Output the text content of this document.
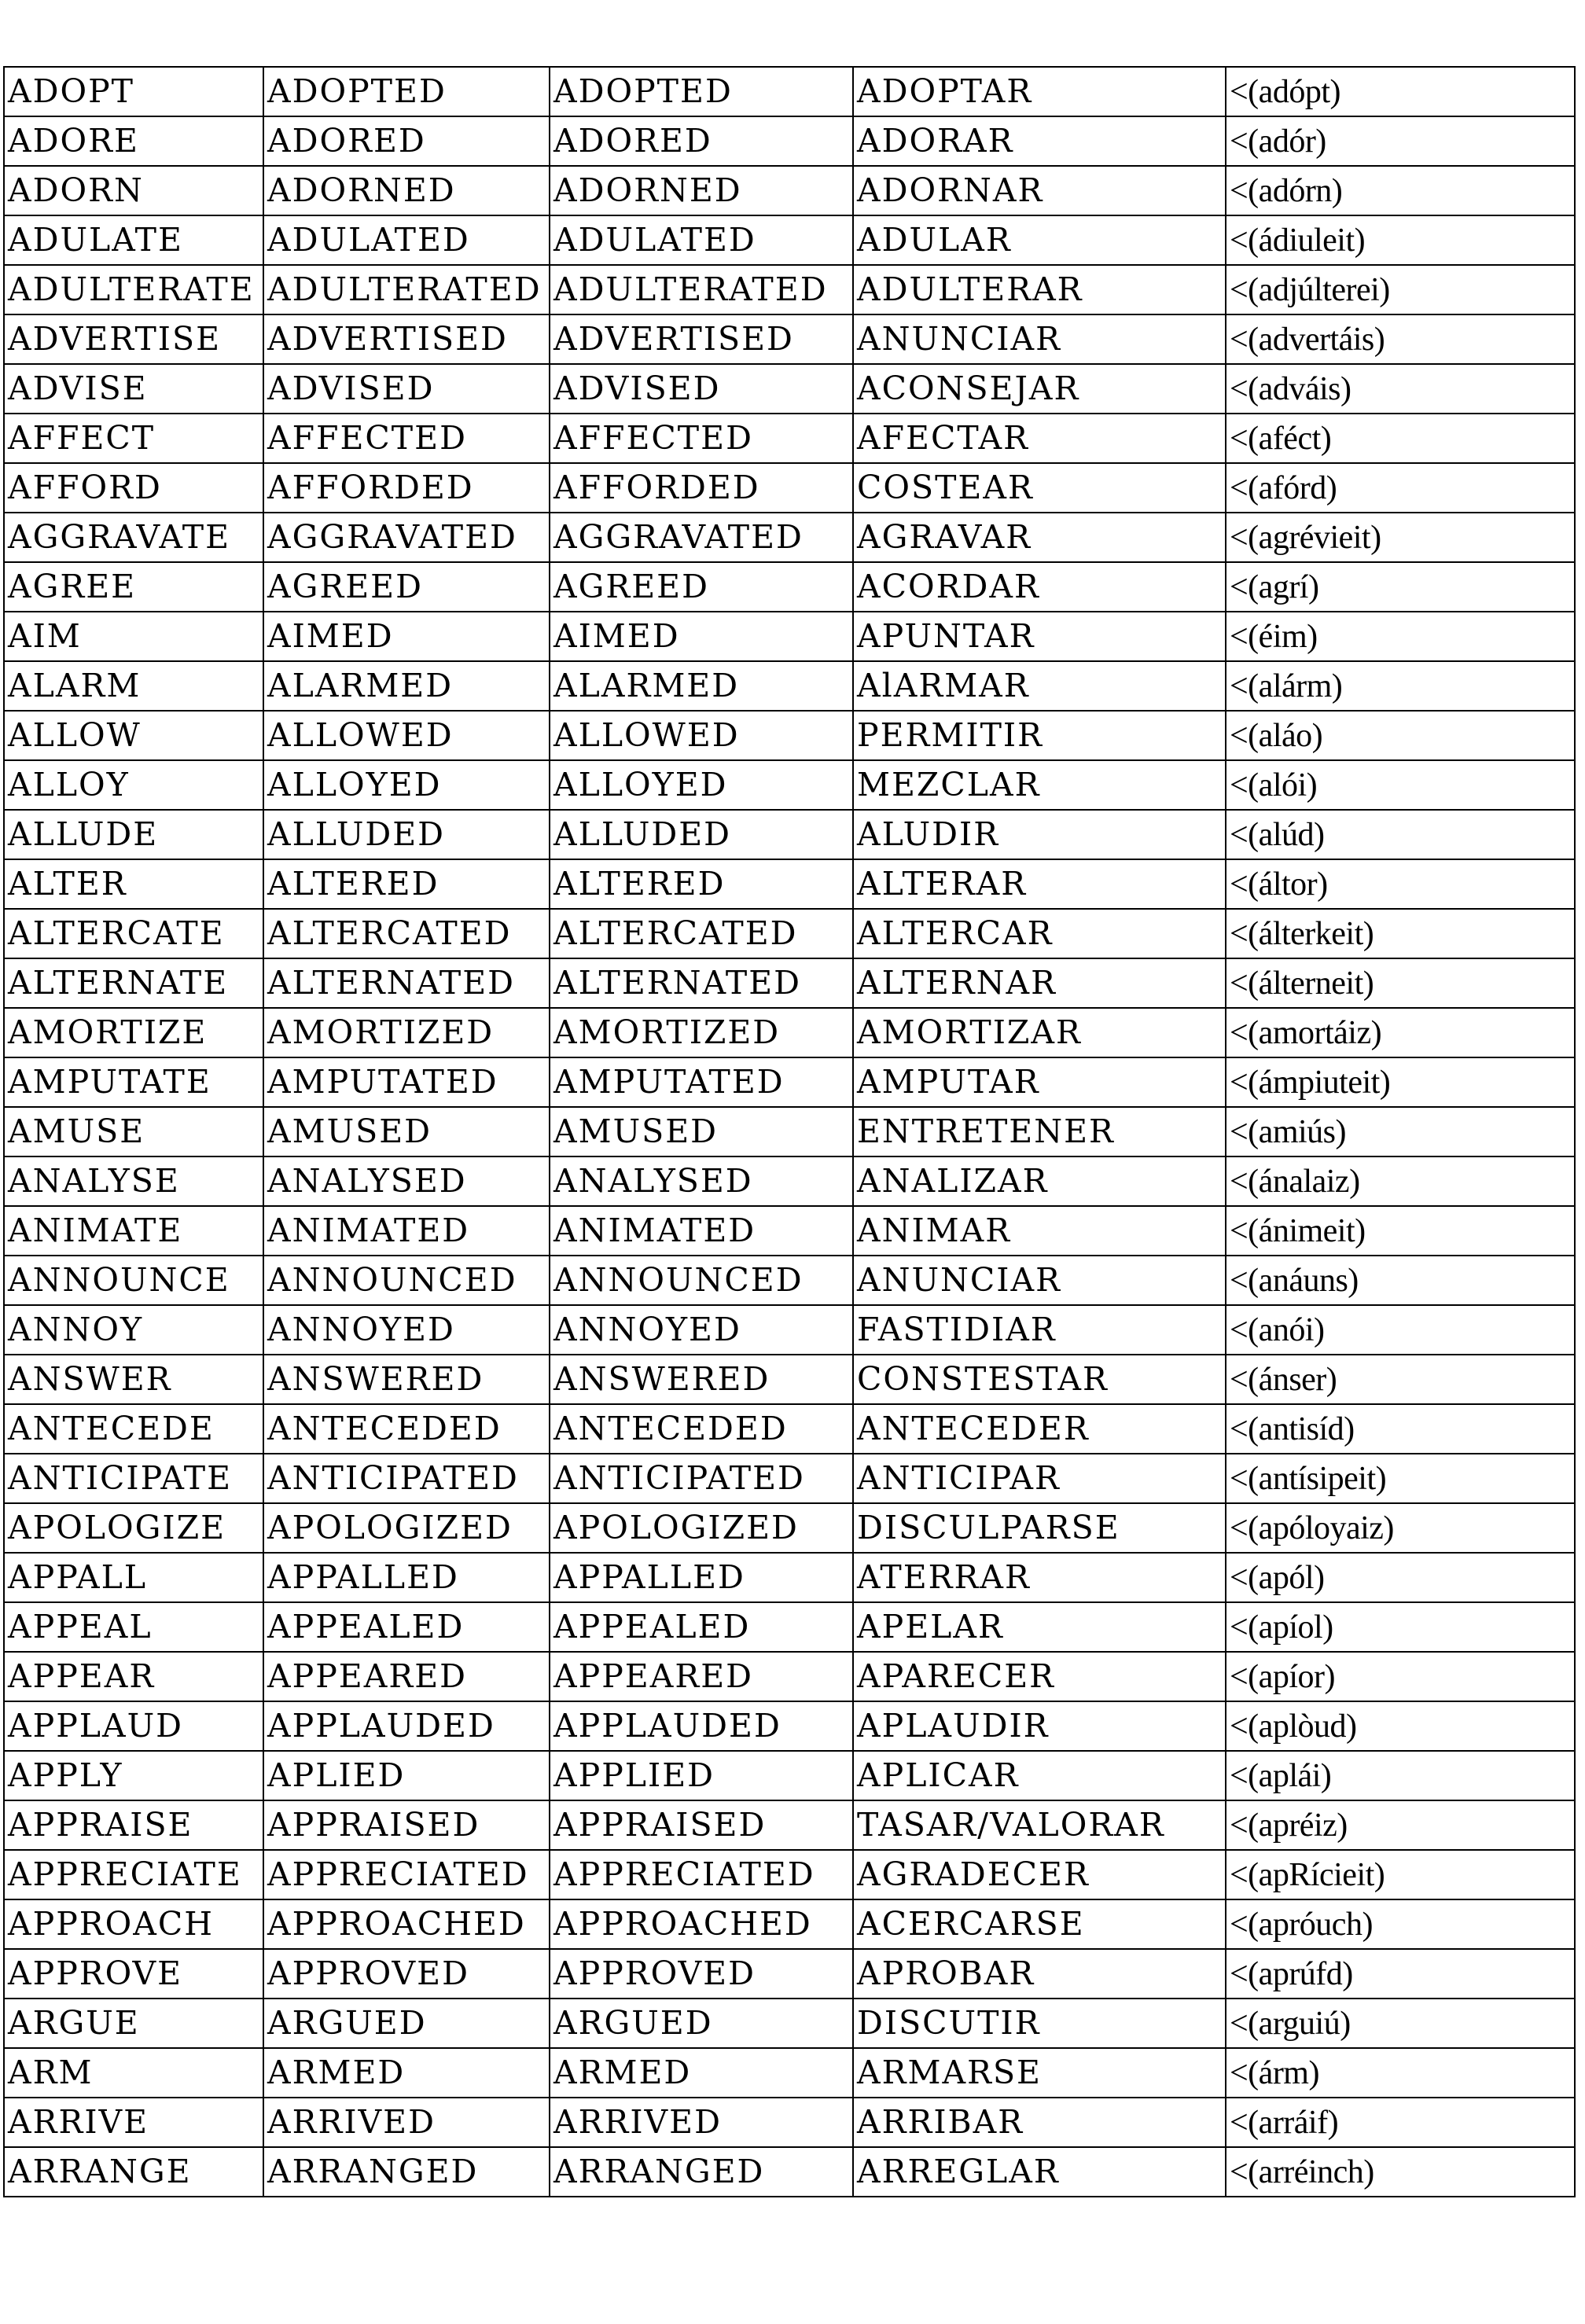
ADOPT	ADOPTED	ADOPTED	ADOPTAR	<(adópt)
ADORE	ADORED	ADORED	ADORAR	<(adór)
ADORN	ADORNED	ADORNED	ADORNAR	<(adórn)
ADULATE	ADULATED	ADULATED	ADULAR	<(ádiuleit)
ADULTERATE	ADULTERATED	ADULTERATED	ADULTERAR	<(adjúlterei)
ADVERTISE	ADVERTISED	ADVERTISED	ANUNCIAR	<(advertáis)
ADVISE	ADVISED	ADVISED	ACONSEJAR	<(adváis)
AFFECT	AFFECTED	AFFECTED	AFECTAR	<(aféct)
AFFORD	AFFORDED	AFFORDED	COSTEAR	<(afórd)
AGGRAVATE	AGGRAVATED	AGGRAVATED	AGRAVAR	<(agrévieit)
AGREE	AGREED	AGREED	ACORDAR	<(agrí)
AIM	AIMED	AIMED	APUNTAR	<(éim)
ALARM	ALARMED	ALARMED	AlARMAR	<(alárm)
ALLOW	ALLOWED	ALLOWED	PERMITIR	<(aláo)
ALLOY	ALLOYED	ALLOYED	MEZCLAR	<(alói)
ALLUDE	ALLUDED	ALLUDED	ALUDIR	<(alúd)
ALTER	ALTERED	ALTERED	ALTERAR	<(áltor)
ALTERCATE	ALTERCATED	ALTERCATED	ALTERCAR	<(álterkeit)
ALTERNATE	ALTERNATED	ALTERNATED	ALTERNAR	<(álterneit)
AMORTIZE	AMORTIZED	AMORTIZED	AMORTIZAR	<(amortáiz)
AMPUTATE	AMPUTATED	AMPUTATED	AMPUTAR	<(ámpiuteit)
AMUSE	AMUSED	AMUSED	ENTRETENER	<(amiús)
ANALYSE	ANALYSED	ANALYSED	ANALIZAR	<(ánalaiz)
ANIMATE	ANIMATED	ANIMATED	ANIMAR	<(ánimeit)
ANNOUNCE	ANNOUNCED	ANNOUNCED	ANUNCIAR	<(anáuns)
ANNOY	ANNOYED	ANNOYED	FASTIDIAR	<(anói)
ANSWER	ANSWERED	ANSWERED	CONSTESTAR	<(ánser)
ANTECEDE	ANTECEDED	ANTECEDED	ANTECEDER	<(antisíd)
ANTICIPATE	ANTICIPATED	ANTICIPATED	ANTICIPAR	<(antísipeit)
APOLOGIZE	APOLOGIZED	APOLOGIZED	DISCULPARSE	<(apóloyaiz)
APPALL	APPALLED	APPALLED	ATERRAR	<(apól)
APPEAL	APPEALED	APPEALED	APELAR	<(apíol)
APPEAR	APPEARED	APPEARED	APARECER	<(apíor)
APPLAUD	APPLAUDED	APPLAUDED	APLAUDIR	<(aplòud)
APPLY	APLIED	APPLIED	APLICAR	<(aplái)
APPRAISE	APPRAISED	APPRAISED	TASAR/VALORAR	<(apréiz)
APPRECIATE	APPRECIATED	APPRECIATED	AGRADECER	<(apRícieit)
APPROACH	APPROACHED	APPROACHED	ACERCARSE	<(apróuch)
APPROVE	APPROVED	APPROVED	APROBAR	<(aprúfd)
ARGUE	ARGUED	ARGUED	DISCUTIR	<(arguiú)
ARM	ARMED	ARMED	ARMARSE	<(árm)
ARRIVE	ARRIVED	ARRIVED	ARRIBAR	<(arráif)
ARRANGE	ARRANGED	ARRANGED	ARREGLAR	<(arréinch)
